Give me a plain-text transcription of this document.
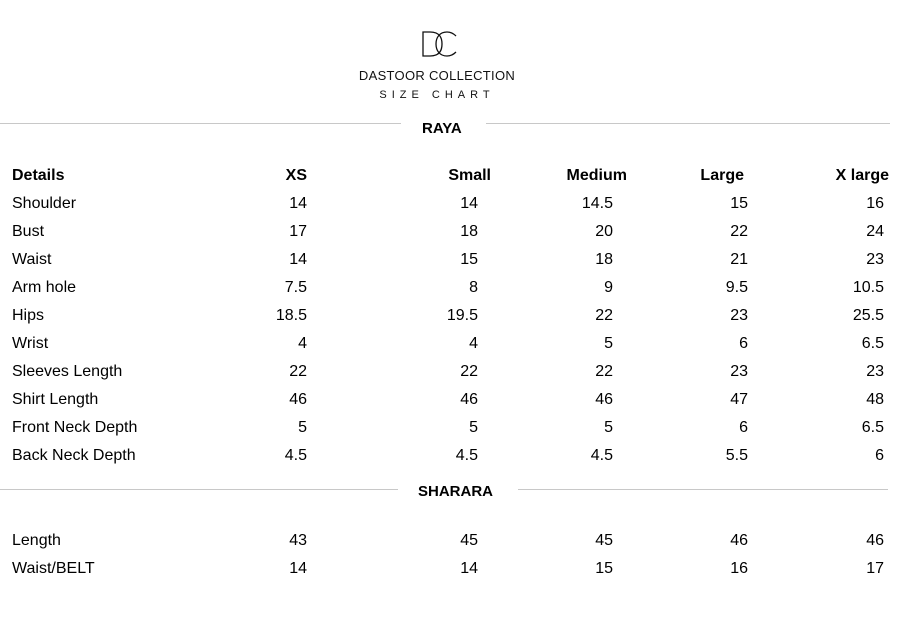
DASTOOR COLLECTION
SIZE CHART
RAYA
Details	XS	Small	Medium	Large	X large
Shoulder	14	14	14.5	15	16
Bust	17	18	20	22	24
Waist	14	15	18	21	23
Arm hole	7.5	8	9	9.5	10.5
Hips	18.5	19.5	22	23	25.5
Wrist	4	4	5	6	6.5
Sleeves Length	22	22	22	23	23
Shirt Length	46	46	46	47	48
Front Neck Depth	5	5	5	6	6.5
Back Neck Depth	4.5	4.5	4.5	5.5	6
SHARARA
Length	43	45	45	46	46
Waist/BELT	14	14	15	16	17
